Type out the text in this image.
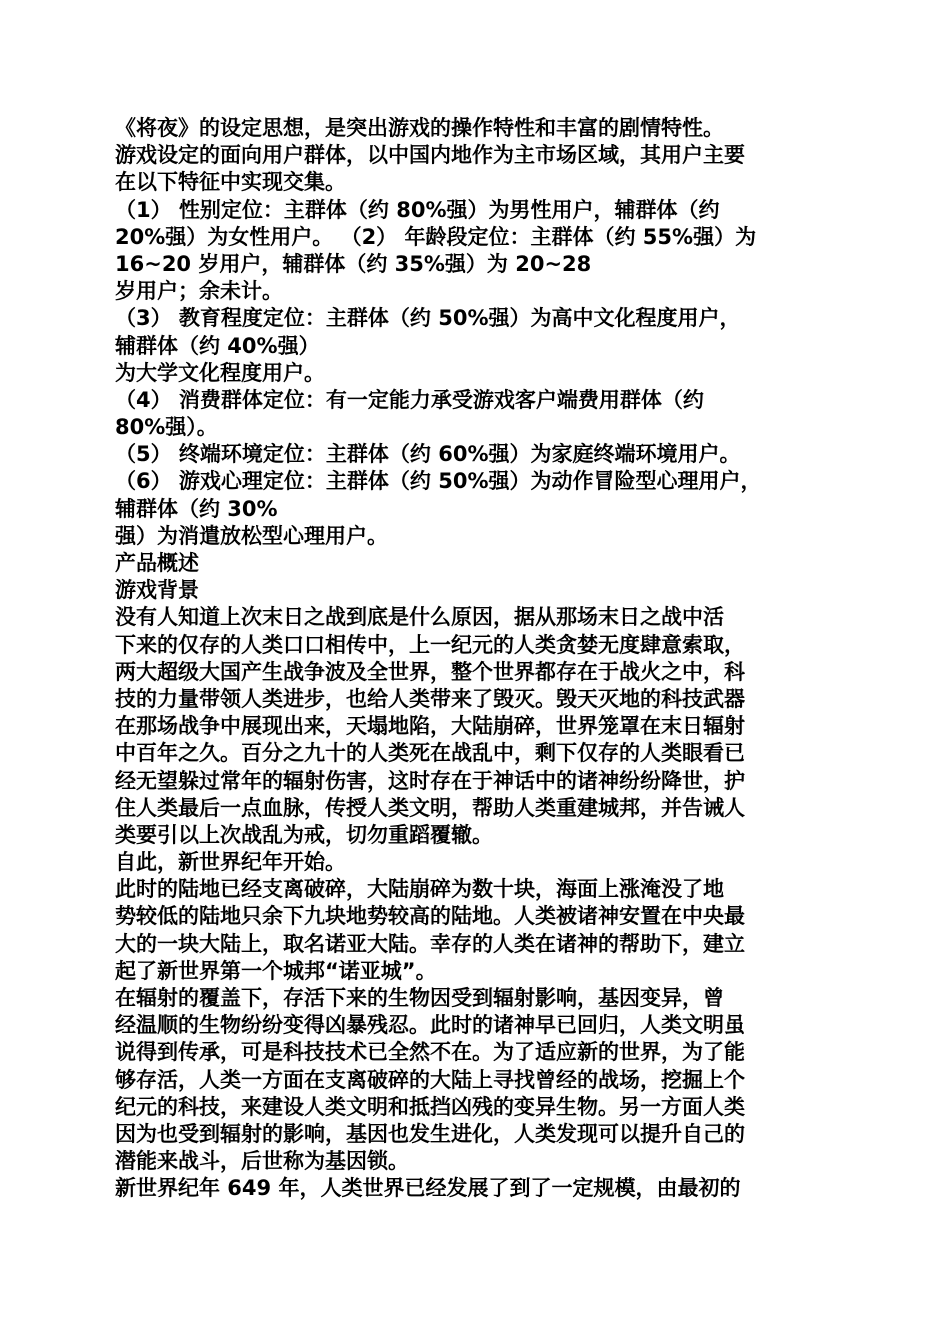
《将夜》的设定思想，是突出游戏的操作特性和丰富的剧情特性。
游戏设定的面向用户群体，以中国内地作为主市场区域，其用户主要
在以下特征中实现交集。
（1） 性别定位：主群体（约 80%强）为男性用户，辅群体（约
20%强）为女性用户。 （2） 年龄段定位：主群体（约 55%强）为
16~20 岁用户，辅群体（约 35%强）为 20~28
岁用户；余未计。
（3） 教育程度定位：主群体（约 50%强）为高中文化程度用户，
辅群体（约 40%强）
为大学文化程度用户。
（4） 消费群体定位：有一定能力承受游戏客户端费用群体（约
80%强）。
（5） 终端环境定位：主群体（约 60%强）为家庭终端环境用户。
（6） 游戏心理定位：主群体（约 50%强）为动作冒险型心理用户，
辅群体（约 30%
强）为消遣放松型心理用户。
产品概述
游戏背景
没有人知道上次末日之战到底是什么原因，据从那场末日之战中活
下来的仅存的人类口口相传中，上一纪元的人类贪婪无度肆意索取，
两大超级大国产生战争波及全世界，整个世界都存在于战火之中，科
技的力量带领人类进步，也给人类带来了毁灭。毁天灭地的科技武器
在那场战争中展现出来，天塌地陷，大陆崩碎，世界笼罩在末日辐射
中百年之久。百分之九十的人类死在战乱中，剩下仅存的人类眼看已
经无望躲过常年的辐射伤害，这时存在于神话中的诸神纷纷降世，护
住人类最后一点血脉，传授人类文明，帮助人类重建城邦，并告诫人
类要引以上次战乱为戒，切勿重蹈覆辙。
自此，新世界纪年开始。
此时的陆地已经支离破碎，大陆崩碎为数十块，海面上涨淹没了地
势较低的陆地只余下九块地势较高的陆地。人类被诸神安置在中央最
大的一块大陆上，取名诺亚大陆。幸存的人类在诸神的帮助下，建立
起了新世界第一个城邦“诺亚城”。
在辐射的覆盖下，存活下来的生物因受到辐射影响，基因变异，曾
经温顺的生物纷纷变得凶暴残忍。此时的诸神早已回归，人类文明虽
说得到传承，可是科技技术已全然不在。为了适应新的世界，为了能
够存活，人类一方面在支离破碎的大陆上寻找曾经的战场，挖掘上个
纪元的科技，来建设人类文明和抵挡凶残的变异生物。另一方面人类
因为也受到辐射的影响，基因也发生进化，人类发现可以提升自己的
潜能来战斗，后世称为基因锁。
新世界纪年 649 年，人类世界已经发展了到了一定规模，由最初的
